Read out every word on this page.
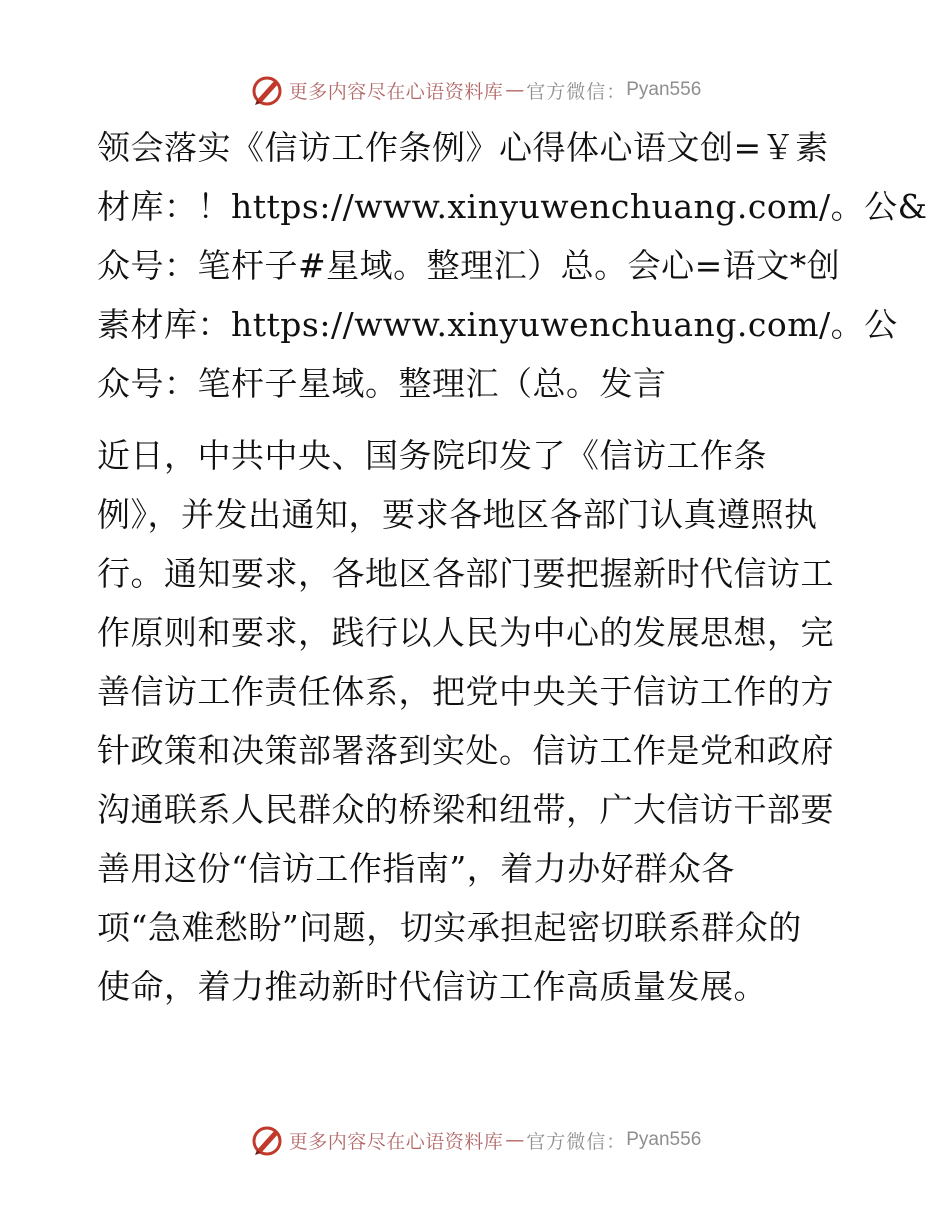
更多内容尽在心语资料库 — 官方微信： Pyan556
领会落实《信访工作条例》心得体心语文创=￥素
材库：！https://www.xinyuwenchuang.com/。公&
众号：笔杆子#星域。整理汇）总。会心=语文*创
素材库：https://www.xinyuwenchuang.com/。公
众号：笔杆子星域。整理汇（总。发言
近日，中共中央、国务院印发了《信访工作条
例》，并发出通知，要求各地区各部门认真遵照执
行。通知要求，各地区各部门要把握新时代信访工
作原则和要求，践行以人民为中心的发展思想，完
善信访工作责任体系，把党中央关于信访工作的方
针政策和决策部署落到实处。信访工作是党和政府
沟通联系人民群众的桥梁和纽带，广大信访干部要
善用这份“信访工作指南”，着力办好群众各
项“急难愁盼”问题，切实承担起密切联系群众的
使命，着力推动新时代信访工作高质量发展。
更多内容尽在心语资料库 — 官方微信： Pyan556
